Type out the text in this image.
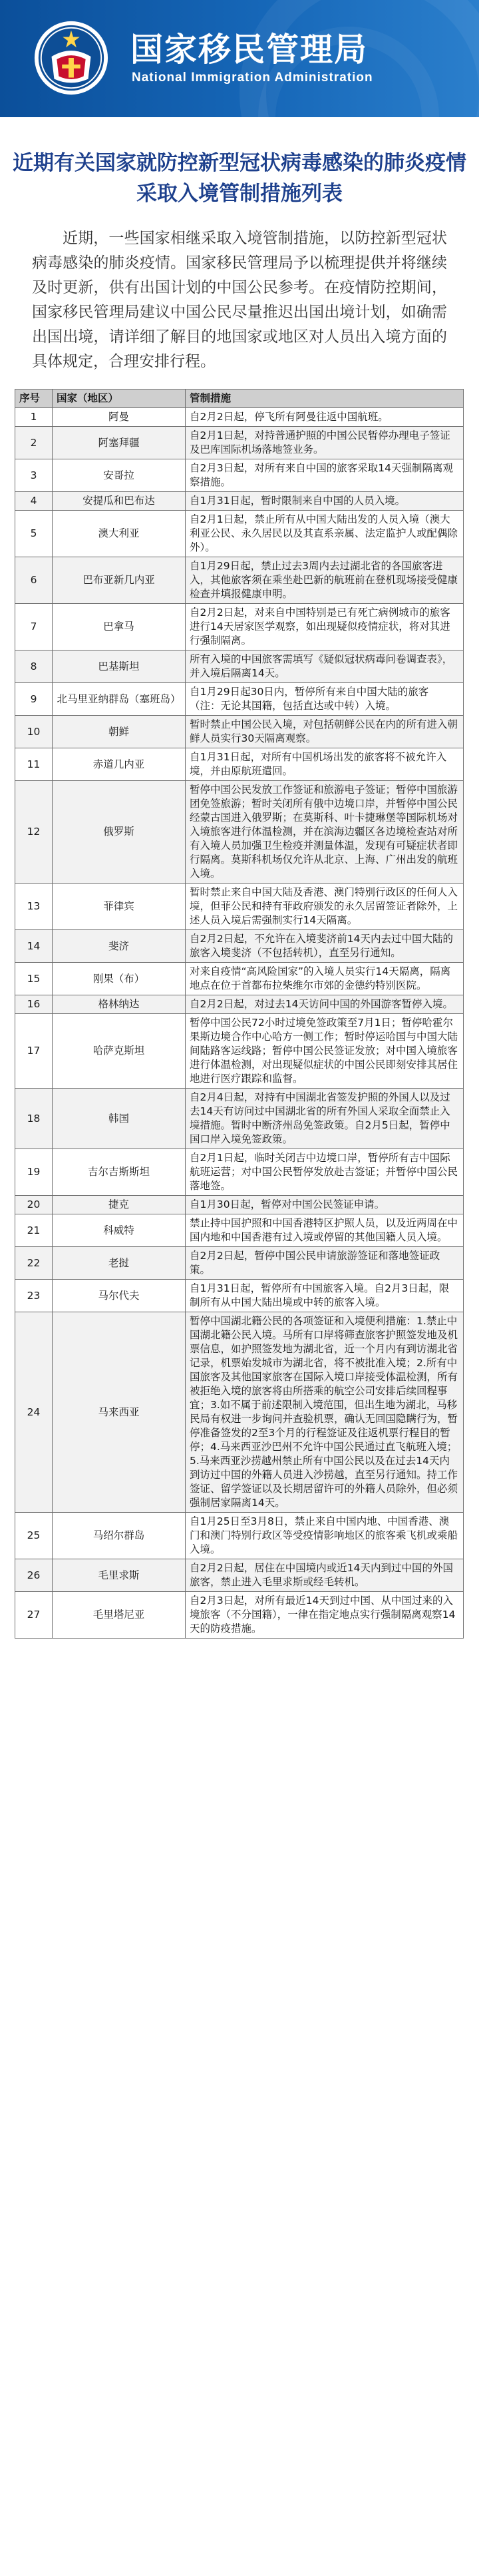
国家移民管理局
National Immigration Administration
近期有关国家就防控新型冠状病毒感染的肺炎疫情
采取入境管制措施列表
近期，一些国家相继采取入境管制措施，以防控新型冠状病毒感染的肺炎疫情。国家移民管理局予以梳理提供并将继续及时更新，供有出国计划的中国公民参考。在疫情防控期间，国家移民管理局建议中国公民尽量推迟出国出境计划，如确需出国出境，请详细了解目的地国家或地区对人员出入境方面的具体规定，合理安排行程。
序号	国家（地区）	管制措施
1	阿曼	自2月2日起，停飞所有阿曼往返中国航班。
2	阿塞拜疆	自2月1日起，对持普通护照的中国公民暂停办理电子签证及巴库国际机场落地签业务。
3	安哥拉	自2月3日起，对所有来自中国的旅客采取14天强制隔离观察措施。
4	安提瓜和巴布达	自1月31日起，暂时限制来自中国的人员入境。
5	澳大利亚	自2月1日起，禁止所有从中国大陆出发的人员入境（澳大利亚公民、永久居民以及其直系亲属、法定监护人或配偶除外）。
6	巴布亚新几内亚	自1月29日起，禁止过去3周内去过湖北省的各国旅客进入，其他旅客须在乘坐赴巴新的航班前在登机现场接受健康检查并填报健康申明。
7	巴拿马	自2月2日起，对来自中国特别是已有死亡病例城市的旅客进行14天居家医学观察，如出现疑似疫情症状，将对其进行强制隔离。
8	巴基斯坦	所有入境的中国旅客需填写《疑似冠状病毒问卷调查表》，并入境后隔离14天。
9	北马里亚纳群岛（塞班岛）	自1月29日起30日内，暂停所有来自中国大陆的旅客（注：无论其国籍，包括直达或中转）入境。
10	朝鲜	暂时禁止中国公民入境，对包括朝鲜公民在内的所有进入朝鲜人员实行30天隔离观察。
11	赤道几内亚	自1月31日起，对所有中国机场出发的旅客将不被允许入境，并由原航班遣回。
12	俄罗斯	暂停中国公民发放工作签证和旅游电子签证；暂停中国旅游团免签旅游；暂时关闭所有俄中边境口岸，并暂停中国公民经蒙古国进入俄罗斯；在莫斯科、叶卡捷琳堡等国际机场对入境旅客进行体温检测，并在滨海边疆区各边境检查站对所有入境人员加强卫生检疫并测量体温，发现有可疑症状者即行隔离。莫斯科机场仅允许从北京、上海、广州出发的航班入境。
13	菲律宾	暂时禁止来自中国大陆及香港、澳门特别行政区的任何人入境，但菲公民和持有菲政府颁发的永久居留签证者除外，上述人员入境后需强制实行14天隔离。
14	斐济	自2月2日起，不允许在入境斐济前14天内去过中国大陆的旅客入境斐济（不包括转机），直至另行通知。
15	刚果（布）	对来自疫情“高风险国家”的入境人员实行14天隔离，隔离地点在位于首都布拉柴维尔市郊的金德约特别医院。
16	格林纳达	自2月2日起，对过去14天访问中国的外国游客暂停入境。
17	哈萨克斯坦	暂停中国公民72小时过境免签政策至7月1日；暂停哈霍尔果斯边境合作中心哈方一侧工作；暂时停运哈国与中国大陆间陆路客运线路；暂停中国公民签证发放；对中国入境旅客进行体温检测，对出现疑似症状的中国公民即刻安排其居住地进行医疗跟踪和监督。
18	韩国	自2月4日起，对持有中国湖北省签发护照的外国人以及过去14天有访问过中国湖北省的所有外国人采取全面禁止入境措施。暂时中断济州岛免签政策。自2月5日起，暂停中国口岸入境免签政策。
19	吉尔吉斯斯坦	自2月1日起，临时关闭吉中边境口岸，暂停所有吉中国际航班运营；对中国公民暂停发放赴吉签证；并暂停中国公民落地签。
20	捷克	自1月30日起，暂停对中国公民签证申请。
21	科威特	禁止持中国护照和中国香港特区护照人员，以及近两周在中国内地和中国香港有过入境或停留的其他国籍人员入境。
22	老挝	自2月2日起，暂停中国公民申请旅游签证和落地签证政策。
23	马尔代夫	自1月31日起，暂停所有中国旅客入境。自2月3日起，限制所有从中国大陆出境或中转的旅客入境。
24	马来西亚	暂停中国湖北籍公民的各项签证和入境便利措施：1.禁止中国湖北籍公民入境。马所有口岸将筛查旅客护照签发地及机票信息，如护照签发地为湖北省，近一个月内有到访湖北省记录，机票始发城市为湖北省，将不被批准入境；2.所有中国旅客及其他国家旅客在国际入境口岸接受体温检测，所有被拒绝入境的旅客将由所搭乘的航空公司安排后续回程事宜；3.如不属于前述限制入境范围，但出生地为湖北，马移民局有权进一步询问并查验机票，确认无回国隐瞒行为，暂停准备签发的2至3个月的行程签证及往返机票行程目的暂停；4.马来西亚沙巴州不允许中国公民通过直飞航班入境；5.马来西亚沙捞越州禁止所有中国公民以及在过去14天内到访过中国的外籍人员进入沙捞越，直至另行通知。持工作签证、留学签证以及长期居留许可的外籍人员除外，但必须强制居家隔离14天。
25	马绍尔群岛	自1月25日至3月8日，禁止来自中国内地、中国香港、澳门和澳门特别行政区等受疫情影响地区的旅客乘飞机或乘船入境。
26	毛里求斯	自2月2日起，居住在中国境内或近14天内到过中国的外国旅客，禁止进入毛里求斯或经毛转机。
27	毛里塔尼亚	自2月3日起，对所有最近14天到过中国、从中国过来的入境旅客（不分国籍），一律在指定地点实行强制隔离观察14天的防疫措施。
